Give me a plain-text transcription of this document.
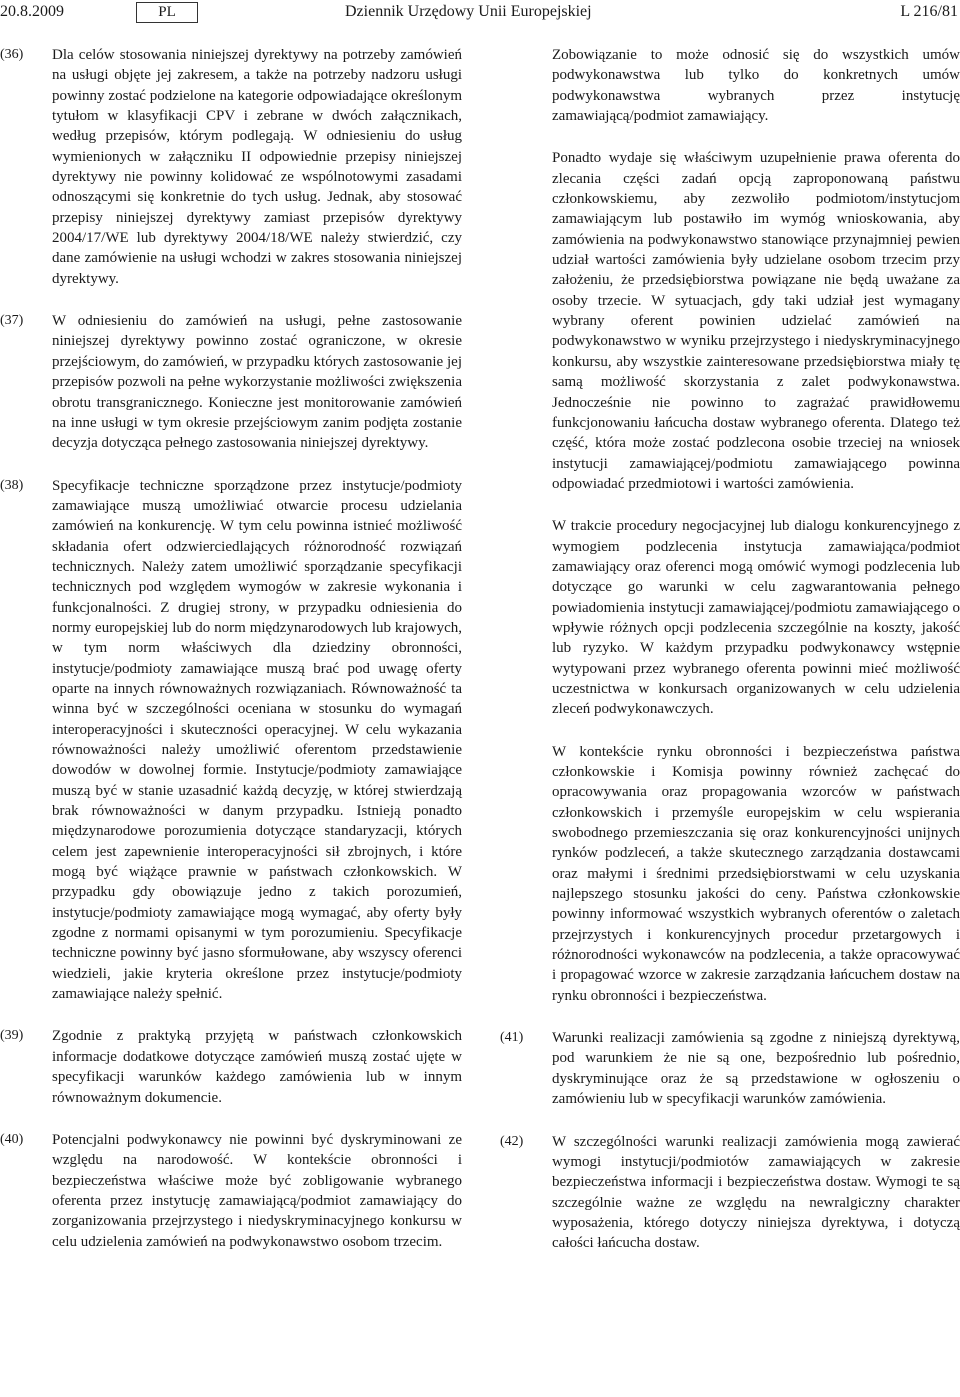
20.8.2009	PL	Dziennik Urzędowy Unii Europejskiej	L 216/81
(36) Dla celów stosowania niniejszej dyrektywy na potrzeby zamówień na usługi objęte jej zakresem, a także na potrzeby nadzoru usługi powinny zostać podzielone na kategorie odpowiadające określonym tytułom w klasyfikacji CPV i zebrane w dwóch załącznikach, według przepisów, którym podlegają. W odniesieniu do usług wymienionych w załączniku II odpowiednie przepisy niniejszej dyrektywy nie powinny kolidować ze wspólnotowymi zasadami odnoszącymi się konkretnie do tych usług. Jednak, aby stosować przepisy niniejszej dyrektywy zamiast przepisów dyrektywy 2004/17/WE lub dyrektywy 2004/18/WE należy stwierdzić, czy dane zamówienie na usługi wchodzi w zakres stosowania niniejszej dyrektywy.

(37) W odniesieniu do zamówień na usługi, pełne zastosowanie niniejszej dyrektywy powinno zostać ograniczone, w okresie przejściowym, do zamówień, w przypadku których zastosowanie jej przepisów pozwoli na pełne wykorzystanie możliwości zwiększenia obrotu transgranicznego. Konieczne jest monitorowanie zamówień na inne usługi w tym okresie przejściowym zanim podjęta zostanie decyzja dotycząca pełnego zastosowania niniejszej dyrektywy.

(38) Specyfikacje techniczne sporządzone przez instytucje/podmioty zamawiające muszą umożliwiać otwarcie procesu udzielania zamówień na konkurencję. W tym celu powinna istnieć możliwość składania ofert odzwierciedlających różnorodność rozwiązań technicznych. Należy zatem umożliwić sporządzanie specyfikacji technicznych pod względem wymogów w zakresie wykonania i funkcjonalności. Z drugiej strony, w przypadku odniesienia do normy europejskiej lub do norm międzynarodowych lub krajowych, w tym norm właściwych dla dziedziny obronności, instytucje/podmioty zamawiające muszą brać pod uwagę oferty oparte na innych równoważnych rozwiązaniach. Równoważność ta winna być w szczególności oceniana w stosunku do wymagań interoperacyjności i skuteczności operacyjnej. W celu wykazania równoważności należy umożliwić oferentom przedstawienie dowodów w dowolnej formie. Instytucje/podmioty zamawiające muszą być w stanie uzasadnić każdą decyzję, w której stwierdzają brak równoważności w danym przypadku. Istnieją ponadto międzynarodowe porozumienia dotyczące standaryzacji, których celem jest zapewnienie interoperacyjności sił zbrojnych, i które mogą być wiążące prawnie w państwach członkowskich. W przypadku gdy obowiązuje jedno z takich porozumień, instytucje/podmioty zamawiające mogą wymagać, aby oferty były zgodne z normami opisanymi w tym porozumieniu. Specyfikacje techniczne powinny być jasno sformułowane, aby wszyscy oferenci wiedzieli, jakie kryteria określone przez instytucje/podmioty zamawiające należy spełnić.

(39) Zgodnie z praktyką przyjętą w państwach członkowskich informacje dodatkowe dotyczące zamówień muszą zostać ujęte w specyfikacji warunków każdego zamówienia lub w innym równoważnym dokumencie.

(40) Potencjalni podwykonawcy nie powinni być dyskryminowani ze względu na narodowość. W kontekście obronności i bezpieczeństwa właściwe może być zobligowanie wybranego oferenta przez instytucję zamawiającą/podmiot zamawiający do zorganizowania przejrzystego i niedyskryminacyjnego konkursu w celu udzielenia zamówień na podwykonawstwo osobom trzecim.

Zobowiązanie to może odnosić się do wszystkich umów podwykonawstwa lub tylko do konkretnych umów podwykonawstwa wybranych przez instytucję zamawiającą/podmiot zamawiający.

Ponadto wydaje się właściwym uzupełnienie prawa oferenta do zlecania części zadań opcją zaproponowaną państwu członkowskiemu, aby zezwoliło podmiotom/instytucjom zamawiającym lub postawiło im wymóg wnioskowania, aby zamówienia na podwykonawstwo stanowiące przynajmniej pewien udział wartości zamówienia były udzielane osobom trzecim przy założeniu, że przedsiębiorstwa powiązane nie będą uważane za osoby trzecie. W sytuacjach, gdy taki udział jest wymagany wybrany oferent powinien udzielać zamówień na podwykonawstwo w wyniku przejrzystego i niedyskryminacyjnego konkursu, aby wszystkie zainteresowane przedsiębiorstwa miały tę samą możliwość skorzystania z zalet podwykonawstwa. Jednocześnie nie powinno to zagrażać prawidłowemu funkcjonowaniu łańcucha dostaw wybranego oferenta. Dlatego też część, która może zostać podzlecona osobie trzeciej na wniosek instytucji zamawiającej/podmiotu zamawiającego powinna odpowiadać przedmiotowi i wartości zamówienia.

W trakcie procedury negocjacyjnej lub dialogu konkurencyjnego z wymogiem podzlecenia instytucja zamawiająca/podmiot zamawiający oraz oferenci mogą omówić wymogi podzlecenia lub dotyczące go warunki w celu zagwarantowania pełnego powiadomienia instytucji zamawiającej/podmiotu zamawiającego o wpływie różnych opcji podzlecenia szczególnie na koszty, jakość lub ryzyko. W każdym przypadku podwykonawcy wstępnie wytypowani przez wybranego oferenta powinni mieć możliwość uczestnictwa w konkursach organizowanych w celu udzielenia zleceń podwykonawczych.

W kontekście rynku obronności i bezpieczeństwa państwa członkowskie i Komisja powinny również zachęcać do opracowywania oraz propagowania wzorców w państwach członkowskich i przemyśle europejskim w celu wspierania swobodnego przemieszczania się oraz konkurencyjności unijnych rynków podzleceń, a także skutecznego zarządzania dostawcami oraz małymi i średnimi przedsiębiorstwami w celu uzyskania najlepszego stosunku jakości do ceny. Państwa członkowskie powinny informować wszystkich wybranych oferentów o zaletach przejrzystych i konkurencyjnych procedur przetargowych i różnorodności wykonawców na podzlecenia, a także opracowywać i propagować wzorce w zakresie zarządzania łańcuchem dostaw na rynku obronności i bezpieczeństwa.

(41) Warunki realizacji zamówienia są zgodne z niniejszą dyrektywą, pod warunkiem że nie są one, bezpośrednio lub pośrednio, dyskryminujące oraz że są przedstawione w ogłoszeniu o zamówieniu lub w specyfikacji warunków zamówienia.

(42) W szczególności warunki realizacji zamówienia mogą zawierać wymogi instytucji/podmiotów zamawiających w zakresie bezpieczeństwa informacji i bezpieczeństwa dostaw. Wymogi te są szczególnie ważne ze względu na newralgiczny charakter wyposażenia, którego dotyczy niniejsza dyrektywa, i dotyczą całości łańcucha dostaw.
